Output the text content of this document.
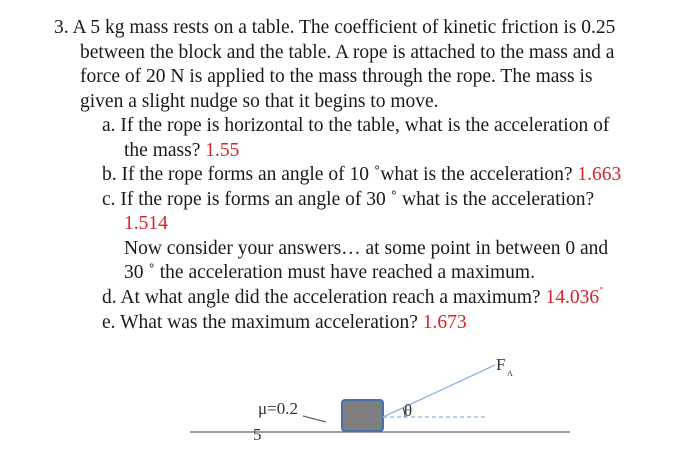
3. A 5 kg mass rests on a table. The coefficient of kinetic friction is 0.25
between the block and the table. A rope is attached to the mass and a
force of 20 N is applied to the mass through the rope. The mass is
given a slight nudge so that it begins to move.
a. If the rope is horizontal to the table, what is the acceleration of
the mass? 1.55
b. If the rope forms an angle of 10 ˚what is the acceleration? 1.663
c. If the rope is forms an angle of 30 ˚ what is the acceleration?
1.514
Now consider your answers… at some point in between 0 and
30 ˚ the acceleration must have reached a maximum.
d. At what angle did the acceleration reach a maximum? 14.036˚
e. What was the maximum acceleration? 1.673
μ=0.2
5
θ
F A
